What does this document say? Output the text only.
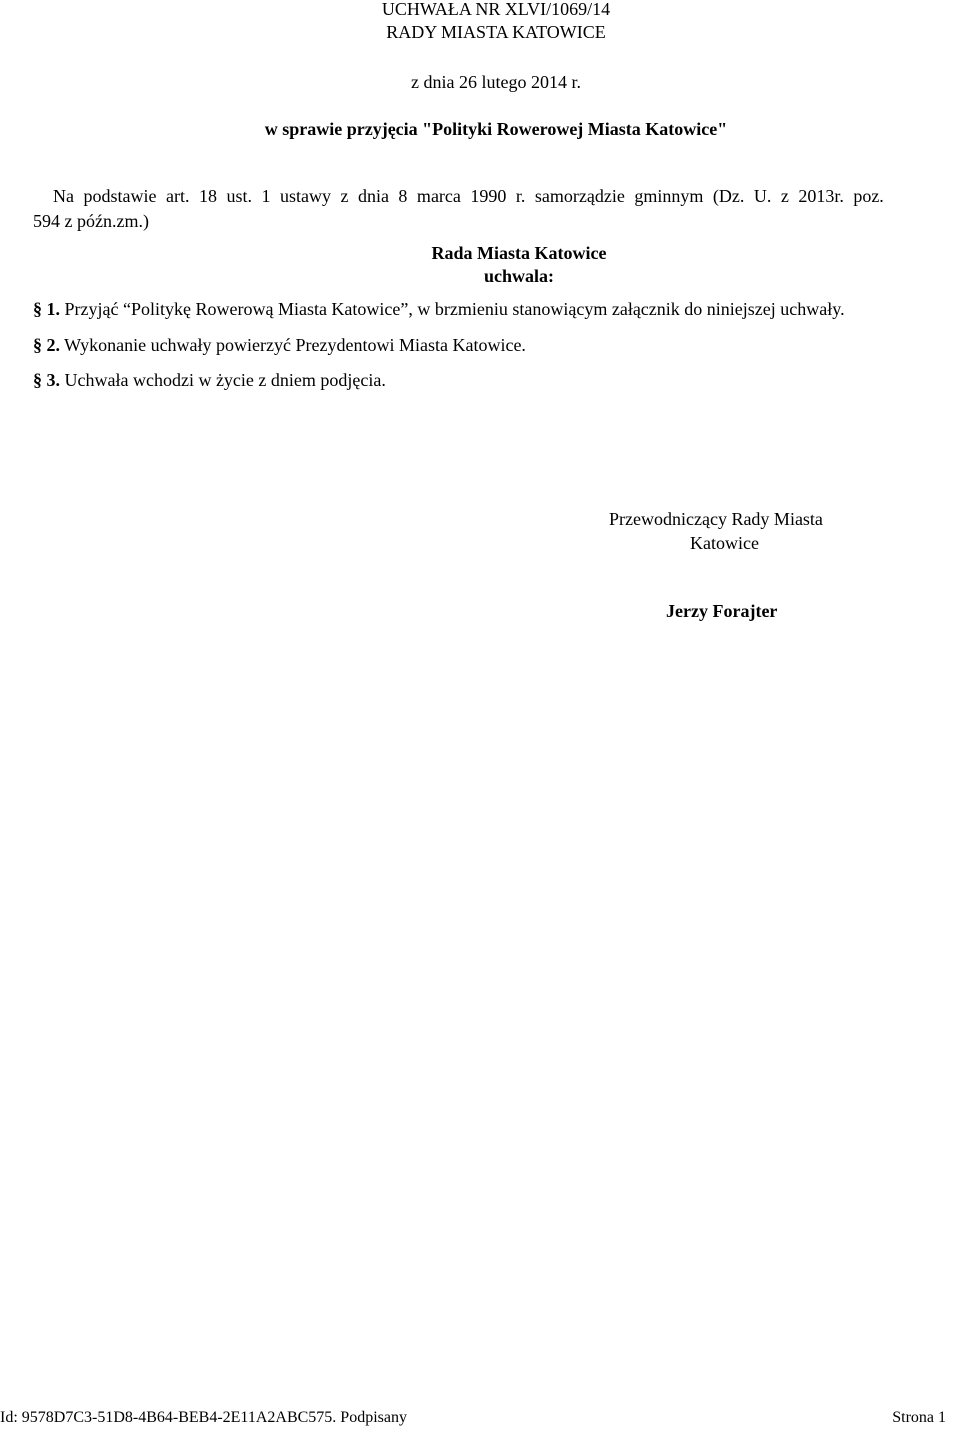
UCHWAŁA NR XLVI/1069/14
RADY MIASTA KATOWICE
z dnia 26 lutego 2014 r.
w sprawie przyjęcia "Polityki Rowerowej Miasta Katowice"
Na podstawie art. 18 ust. 1 ustawy z dnia 8 marca 1990 r. samorządzie gminnym (Dz. U. z 2013r. poz.
594 z późn.zm.)
Rada Miasta Katowice
uchwala:
§ 1. Przyjąć “Politykę Rowerową Miasta Katowice”, w brzmieniu stanowiącym załącznik do niniejszej uchwały.
§ 2. Wykonanie uchwały powierzyć Prezydentowi Miasta Katowice.
§ 3. Uchwała wchodzi w życie z dniem podjęcia.
Przewodniczący Rady Miasta
Katowice
Jerzy Forajter
Id: 9578D7C3-51D8-4B64-BEB4-2E11A2ABC575. Podpisany	Strona 1
